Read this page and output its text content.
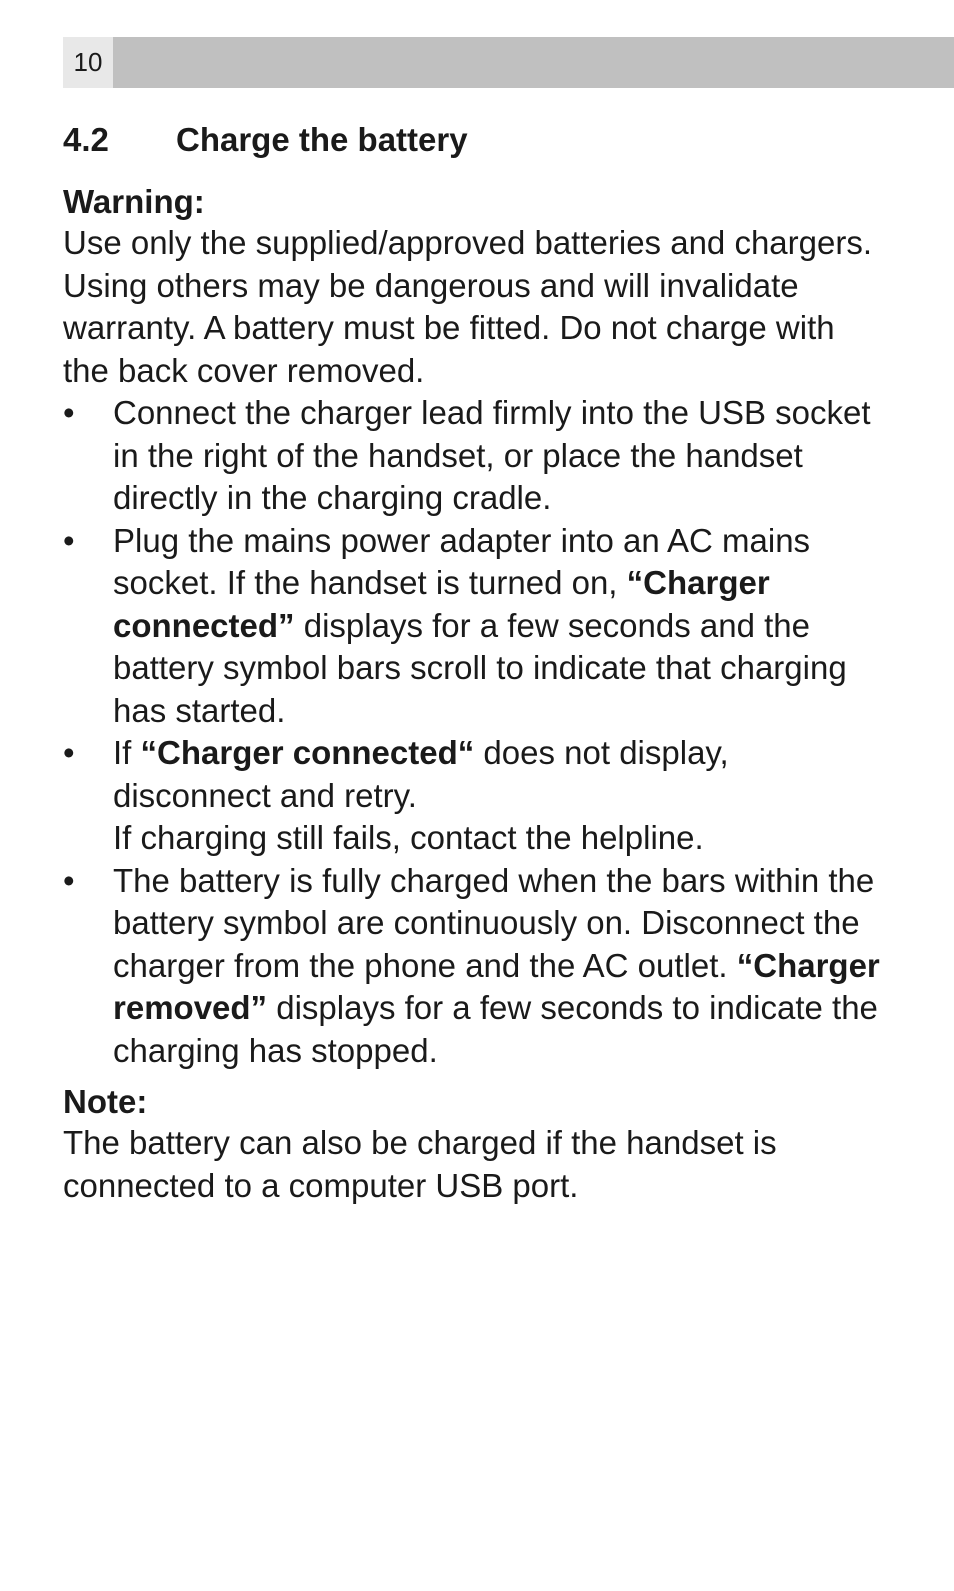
10
4.2	Charge the battery
Warning:

Use only the supplied/approved batteries and chargers. Using others may be dangerous and will invalidate warranty. A battery must be fitted. Do not charge with the back cover removed.

• Connect the charger lead firmly into the USB socket in the right of the handset, or place the handset directly in the charging cradle.
• Plug the mains power adapter into an AC mains socket. If the handset is turned on, “Charger connected” displays for a few seconds and the battery symbol bars scroll to indicate that charging has started.
• If “Charger connected“ does not display, disconnect and retry.

If charging still fails, contact the helpline.

• The battery is fully charged when the bars within the battery symbol are continuously on. Disconnect the charger from the phone and the AC outlet. “Charger removed” displays for a few seconds to indicate the charging has stopped.
Note:

The battery can also be charged if the handset is connected to a computer USB port.
